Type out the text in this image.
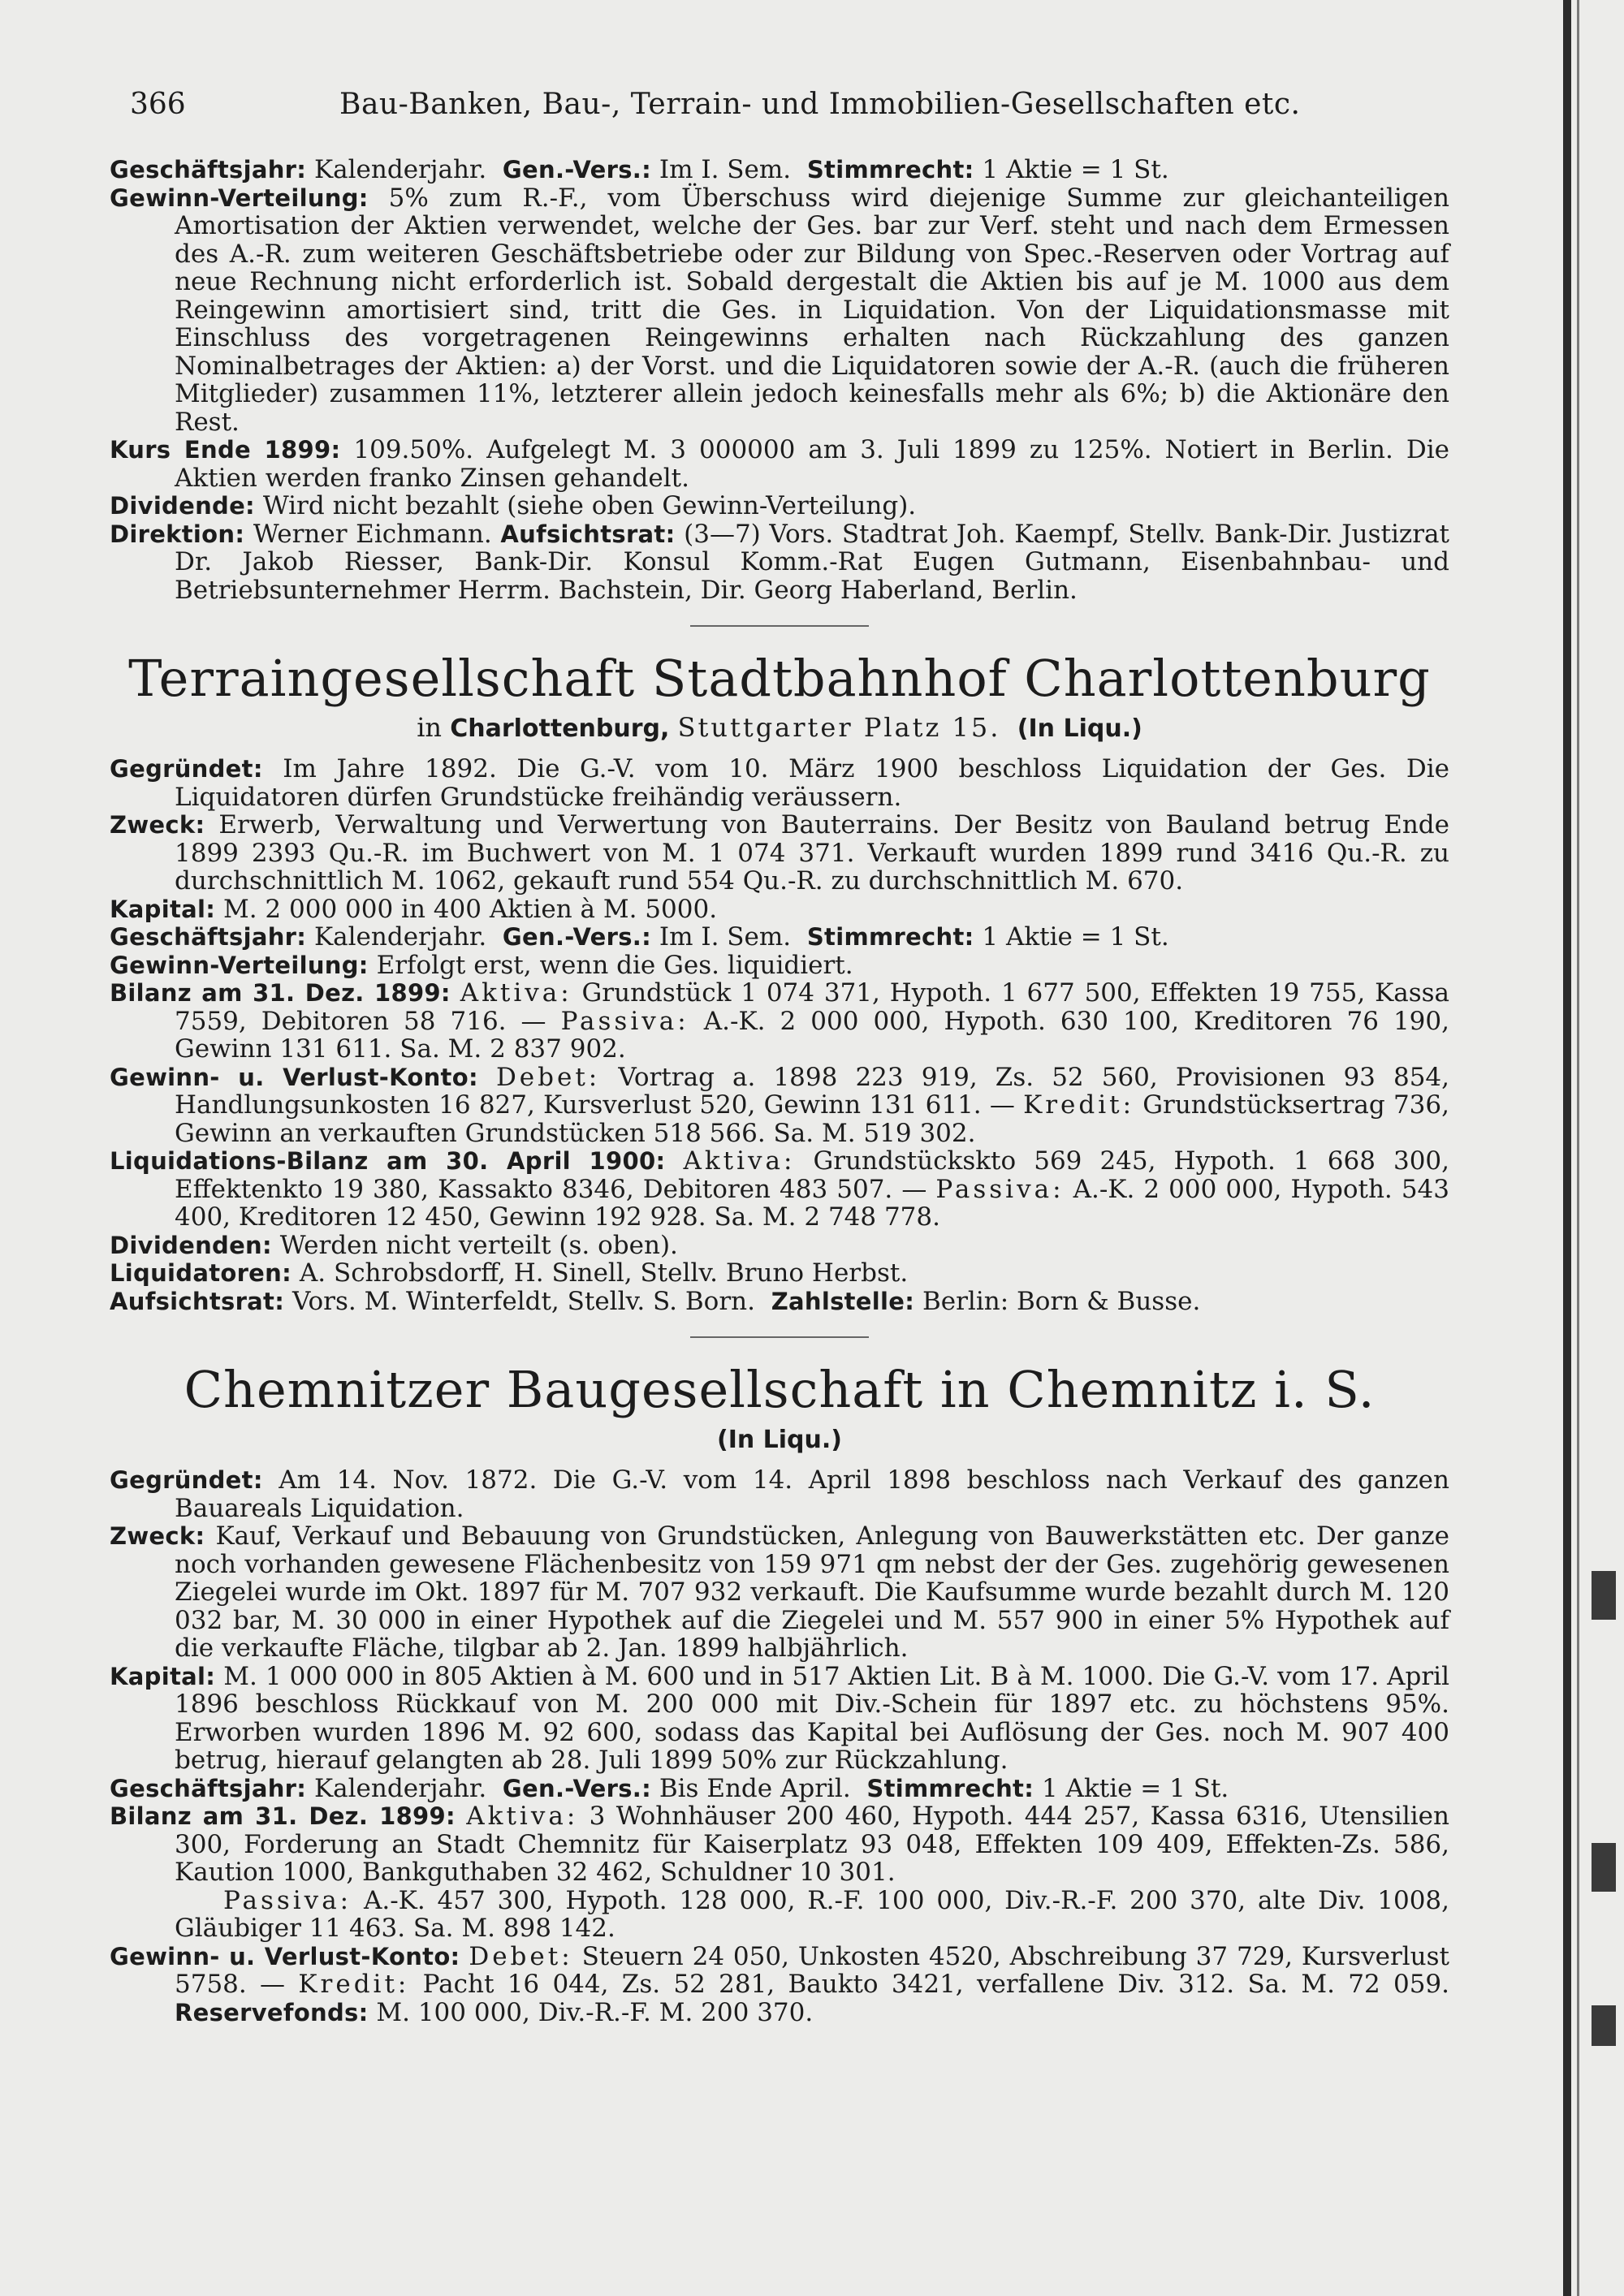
366	Bau-Banken, Bau-, Terrain- und Immobilien-Gesellschaften etc.

Geschäftsjahr: Kalenderjahr. Gen.-Vers.: Im I. Sem. Stimmrecht: 1 Aktie = 1 St.

Gewinn-Verteilung: 5% zum R.-F., vom Überschuss wird diejenige Summe zur gleichanteiligen Amortisation der Aktien verwendet, welche der Ges. bar zur Verf. steht und nach dem Ermessen des A.-R. zum weiteren Geschäftsbetriebe oder zur Bildung von Spec.-Reserven oder Vortrag auf neue Rechnung nicht erforderlich ist. Sobald dergestalt die Aktien bis auf je M. 1000 aus dem Reingewinn amortisiert sind, tritt die Ges. in Liquidation. Von der Liquidationsmasse mit Einschluss des vorgetragenen Reingewinns erhalten nach Rückzahlung des ganzen Nominalbetrages der Aktien: a) der Vorst. und die Liquidatoren sowie der A.-R. (auch die früheren Mitglieder) zusammen 11%, letzterer allein jedoch keinesfalls mehr als 6%; b) die Aktionäre den Rest.

Kurs Ende 1899: 109.50%. Aufgelegt M. 3 000000 am 3. Juli 1899 zu 125%. Notiert in Berlin. Die Aktien werden franko Zinsen gehandelt.

Dividende: Wird nicht bezahlt (siehe oben Gewinn-Verteilung).

Direktion: Werner Eichmann. Aufsichtsrat: (3—7) Vors. Stadtrat Joh. Kaempf, Stellv. Bank-Dir. Justizrat Dr. Jakob Riesser, Bank-Dir. Konsul Komm.-Rat Eugen Gutmann, Eisenbahnbau- und Betriebsunternehmer Herrm. Bachstein, Dir. Georg Haberland, Berlin.

Terraingesellschaft Stadtbahnhof Charlottenburg

in Charlottenburg, Stuttgarter Platz 15. (In Liqu.)

Gegründet: Im Jahre 1892. Die G.-V. vom 10. März 1900 beschloss Liquidation der Ges. Die Liquidatoren dürfen Grundstücke freihändig veräussern.

Zweck: Erwerb, Verwaltung und Verwertung von Bauterrains. Der Besitz von Bauland betrug Ende 1899 2393 Qu.-R. im Buchwert von M. 1 074 371. Verkauft wurden 1899 rund 3416 Qu.-R. zu durchschnittlich M. 1062, gekauft rund 554 Qu.-R. zu durchschnittlich M. 670.

Kapital: M. 2 000 000 in 400 Aktien à M. 5000.

Geschäftsjahr: Kalenderjahr. Gen.-Vers.: Im I. Sem. Stimmrecht: 1 Aktie = 1 St.

Gewinn-Verteilung: Erfolgt erst, wenn die Ges. liquidiert.

Bilanz am 31. Dez. 1899: Aktiva: Grundstück 1 074 371, Hypoth. 1 677 500, Effekten 19 755, Kassa 7559, Debitoren 58 716. — Passiva: A.-K. 2 000 000, Hypoth. 630 100, Kreditoren 76 190, Gewinn 131 611. Sa. M. 2 837 902.

Gewinn- u. Verlust-Konto: Debet: Vortrag a. 1898 223 919, Zs. 52 560, Provisionen 93 854, Handlungsunkosten 16 827, Kursverlust 520, Gewinn 131 611. — Kredit: Grundstücksertrag 736, Gewinn an verkauften Grundstücken 518 566. Sa. M. 519 302.

Liquidations-Bilanz am 30. April 1900: Aktiva: Grundstückskto 569 245, Hypoth. 1 668 300, Effektenkto 19 380, Kassakto 8346, Debitoren 483 507. — Passiva: A.-K. 2 000 000, Hypoth. 543 400, Kreditoren 12 450, Gewinn 192 928. Sa. M. 2 748 778.

Dividenden: Werden nicht verteilt (s. oben).

Liquidatoren: A. Schrobsdorff, H. Sinell, Stellv. Bruno Herbst.

Aufsichtsrat: Vors. M. Winterfeldt, Stellv. S. Born. Zahlstelle: Berlin: Born & Busse.

Chemnitzer Baugesellschaft in Chemnitz i. S.

(In Liqu.)

Gegründet: Am 14. Nov. 1872. Die G.-V. vom 14. April 1898 beschloss nach Verkauf des ganzen Bauareals Liquidation.

Zweck: Kauf, Verkauf und Bebauung von Grundstücken, Anlegung von Bauwerkstätten etc. Der ganze noch vorhanden gewesene Flächenbesitz von 159 971 qm nebst der der Ges. zugehörig gewesenen Ziegelei wurde im Okt. 1897 für M. 707 932 verkauft. Die Kaufsumme wurde bezahlt durch M. 120 032 bar, M. 30 000 in einer Hypothek auf die Ziegelei und M. 557 900 in einer 5% Hypothek auf die verkaufte Fläche, tilgbar ab 2. Jan. 1899 halbjährlich.

Kapital: M. 1 000 000 in 805 Aktien à M. 600 und in 517 Aktien Lit. B à M. 1000. Die G.-V. vom 17. April 1896 beschloss Rückkauf von M. 200 000 mit Div.-Schein für 1897 etc. zu höchstens 95%. Erworben wurden 1896 M. 92 600, sodass das Kapital bei Auflösung der Ges. noch M. 907 400 betrug, hierauf gelangten ab 28. Juli 1899 50% zur Rückzahlung.

Geschäftsjahr: Kalenderjahr. Gen.-Vers.: Bis Ende April. Stimmrecht: 1 Aktie = 1 St.

Bilanz am 31. Dez. 1899: Aktiva: 3 Wohnhäuser 200 460, Hypoth. 444 257, Kassa 6316, Utensilien 300, Forderung an Stadt Chemnitz für Kaiserplatz 93 048, Effekten 109 409, Effekten-Zs. 586, Kaution 1000, Bankguthaben 32 462, Schuldner 10 301.

Passiva: A.-K. 457 300, Hypoth. 128 000, R.-F. 100 000, Div.-R.-F. 200 370, alte Div. 1008, Gläubiger 11 463. Sa. M. 898 142.

Gewinn- u. Verlust-Konto: Debet: Steuern 24 050, Unkosten 4520, Abschreibung 37 729, Kursverlust 5758. — Kredit: Pacht 16 044, Zs. 52 281, Baukto 3421, verfallene Div. 312. Sa. M. 72 059. Reservefonds: M. 100 000, Div.-R.-F. M. 200 370.
